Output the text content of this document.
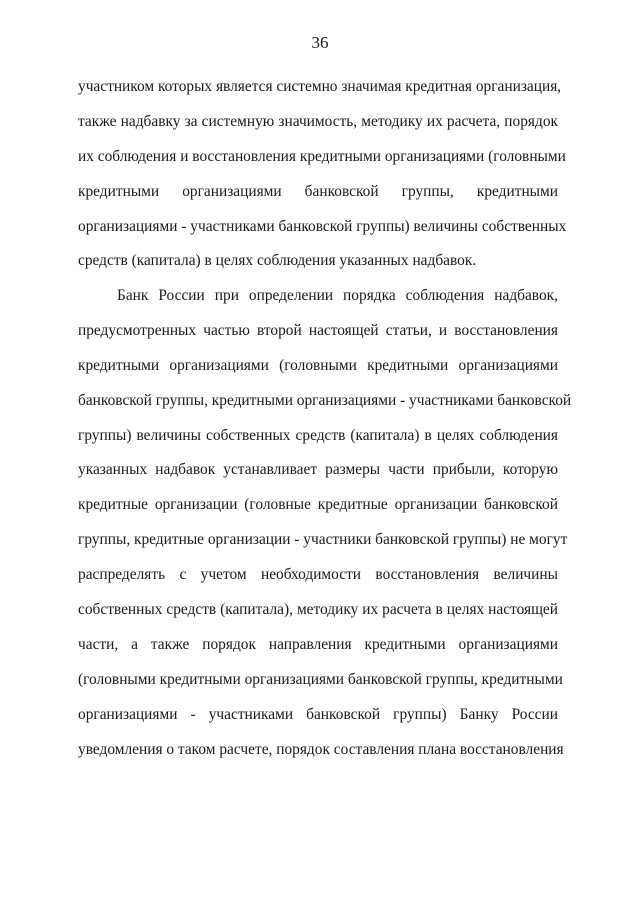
36
участником которых является системно значимая кредитная организация,
также надбавку за системную значимость, методику их расчета, порядок
их соблюдения и восстановления кредитными организациями (головными
кредитными организациями банковской группы, кредитными
организациями - участниками банковской группы) величины собственных
средств (капитала) в целях соблюдения указанных надбавок.
Банк России при определении порядка соблюдения надбавок,
предусмотренных частью второй настоящей статьи, и восстановления
кредитными организациями (головными кредитными организациями
банковской группы, кредитными организациями - участниками банковской
группы) величины собственных средств (капитала) в целях соблюдения
указанных надбавок устанавливает размеры части прибыли, которую
кредитные организации (головные кредитные организации банковской
группы, кредитные организации - участники банковской группы) не могут
распределять с учетом необходимости восстановления величины
собственных средств (капитала), методику их расчета в целях настоящей
части, а также порядок направления кредитными организациями
(головными кредитными организациями банковской группы, кредитными
организациями - участниками банковской группы) Банку России
уведомления о таком расчете, порядок составления плана восстановления
